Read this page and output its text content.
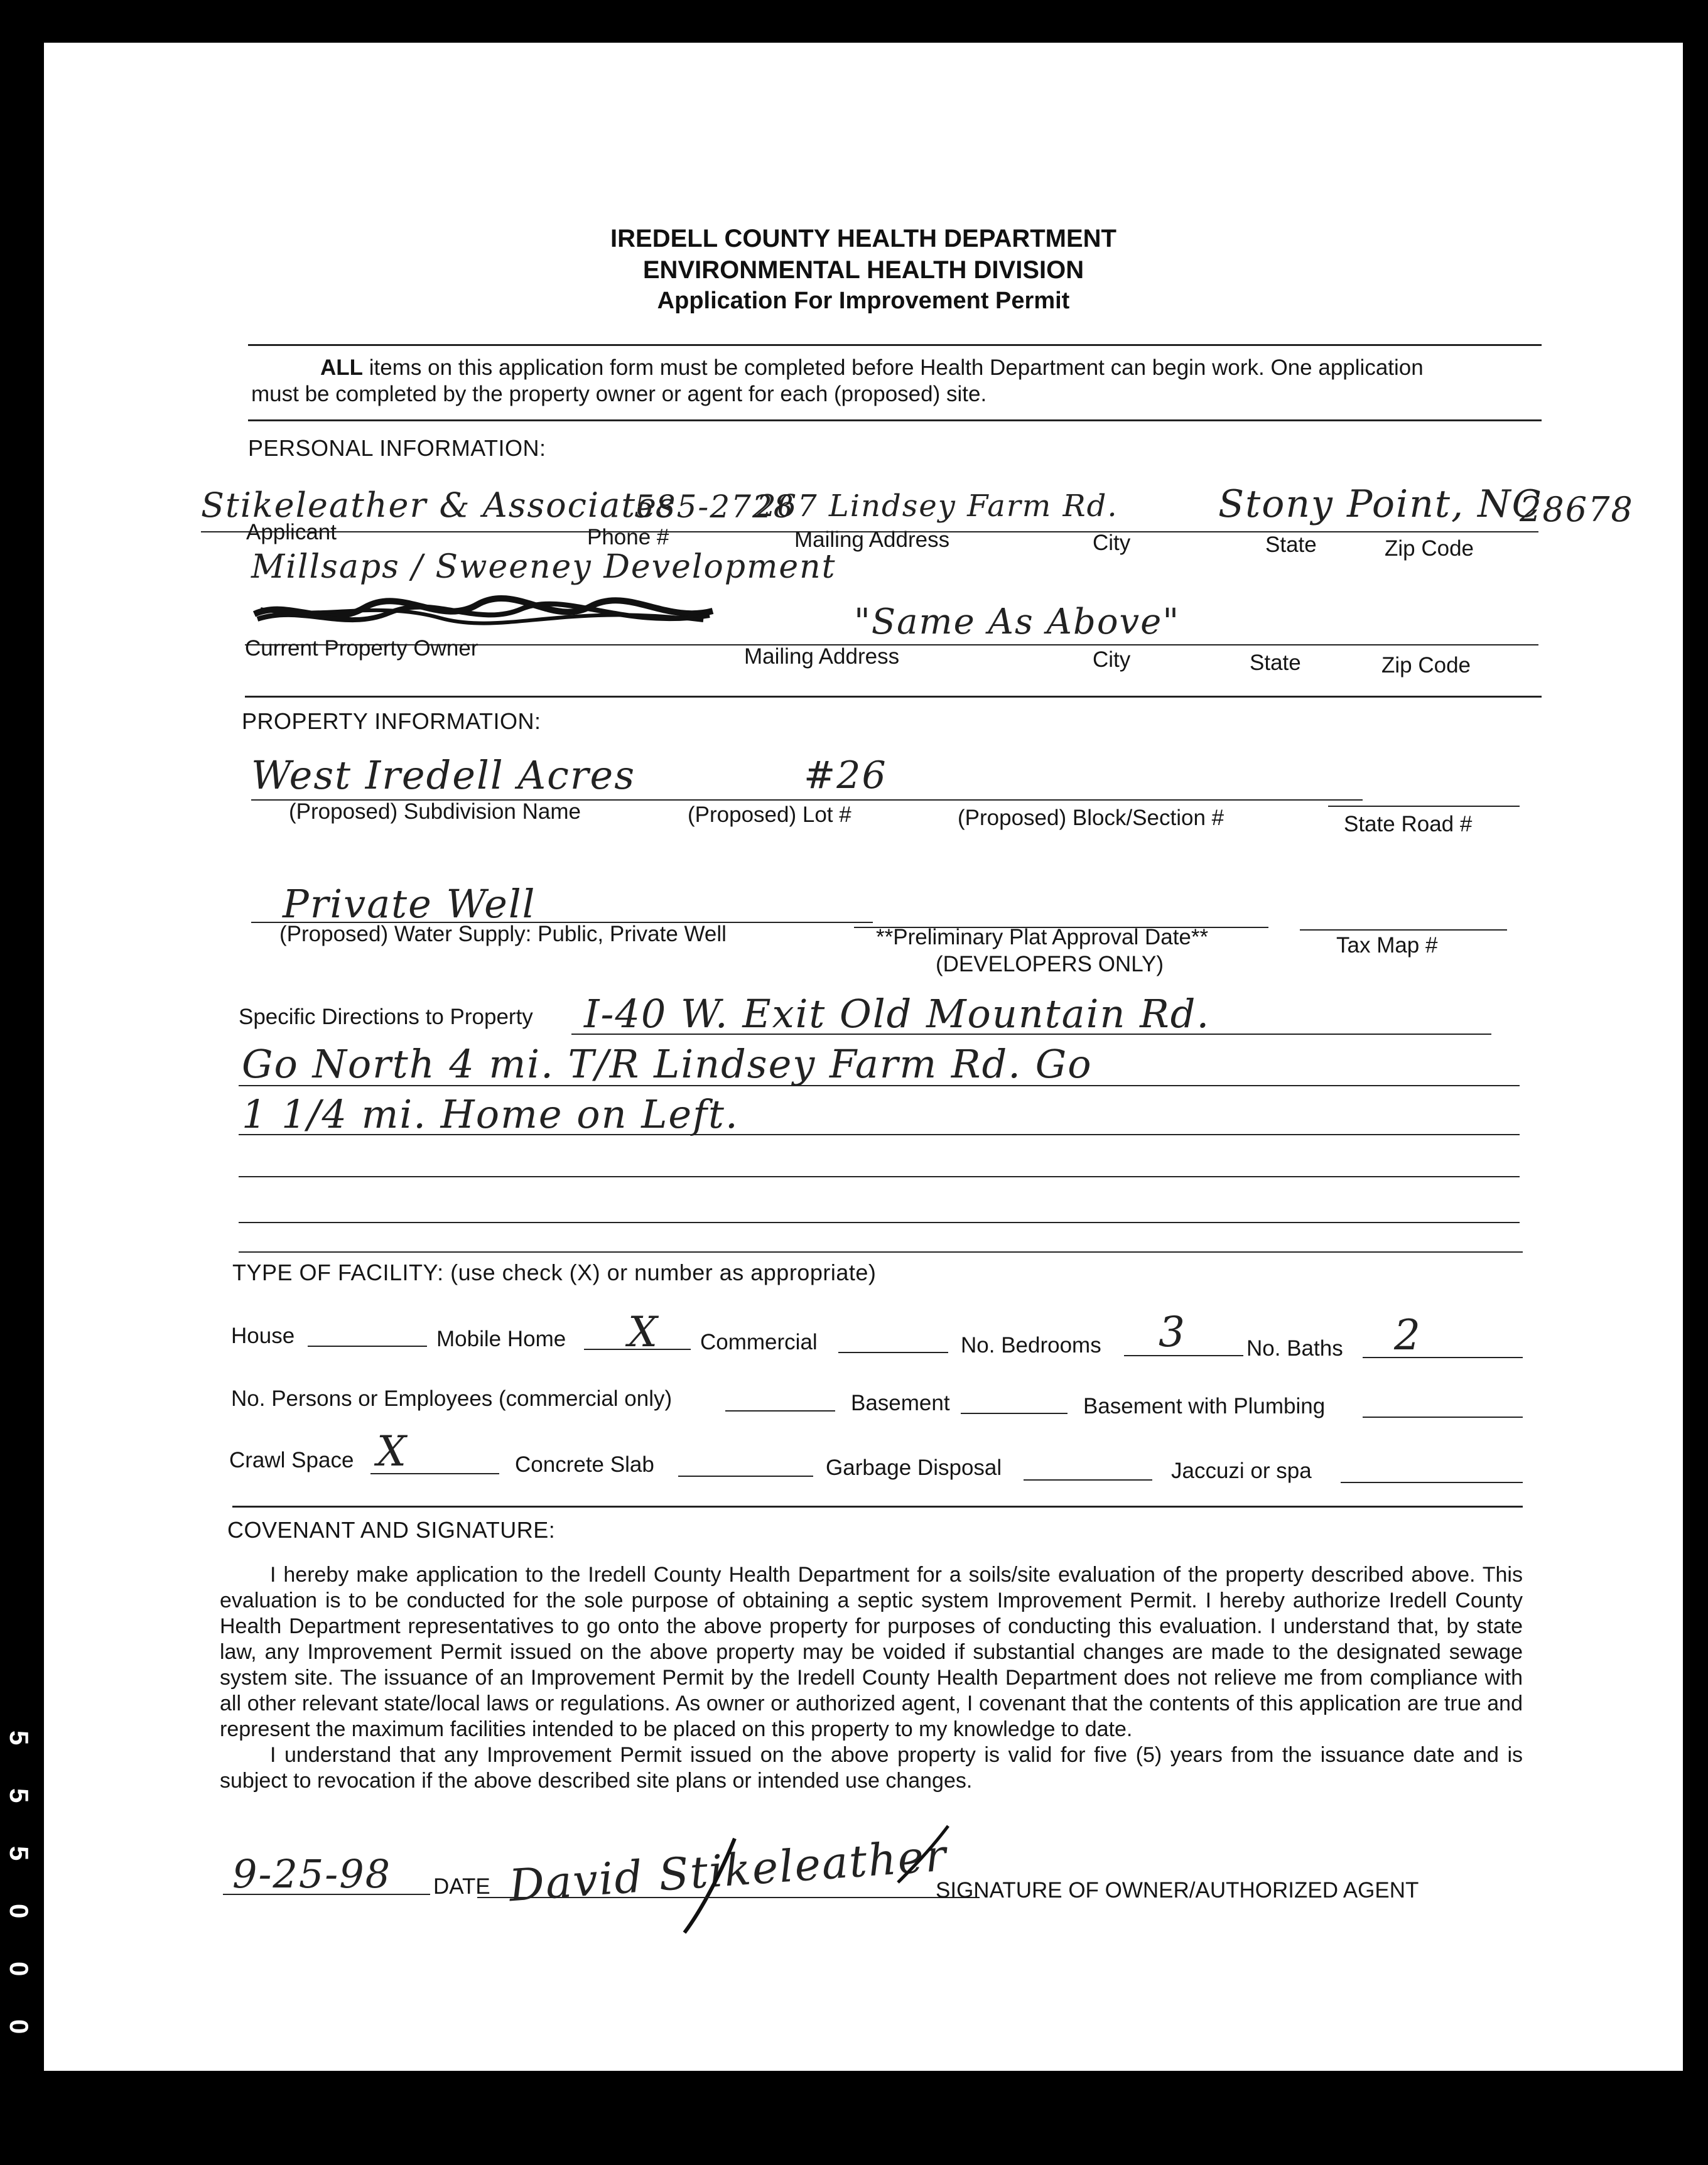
5
5
5
0
0
0
IREDELL COUNTY HEALTH DEPARTMENT
ENVIRONMENTAL HEALTH DIVISION
Application For Improvement Permit
ALL items on this application form must be completed before Health Department can begin work. One application
must be completed by the property owner or agent for each (proposed) site.
PERSONAL INFORMATION:
Stikeleather & Associates
585-2728
267 Lindsey Farm Rd.	Stony Point, NC
28678
Applicant	Phone #	Mailing Address	City	State	Zip Code
Millsaps / Sweeney Development
"Same As Above"
Current Property Owner	Mailing Address	City	State	Zip Code
PROPERTY INFORMATION:
West Iredell Acres	#26
(Proposed) Subdivision Name	(Proposed) Lot #	(Proposed) Block/Section #	State Road #
Private Well
(Proposed) Water Supply: Public, Private Well	**Preliminary Plat Approval Date**
(DEVELOPERS ONLY)
Tax Map #
Specific Directions to Property I-40 W. Exit Old Mountain Rd.
Go North 4 mi. T/R Lindsey Farm Rd. Go
1 1/4 mi. Home on Left.
TYPE OF FACILITY: (use check (X) or number as appropriate)
House	Mobile Home X Commercial	No. Bedrooms 3	No. Baths 2
No. Persons or Employees (commercial only)	Basement	Basement with Plumbing
Crawl Space X	Concrete Slab	Garbage Disposal	Jaccuzi or spa
COVENANT AND SIGNATURE:

I hereby make application to the Iredell County Health Department for a soils/site evaluation of the property described above. This evaluation is to be conducted for the sole purpose of obtaining a septic system Improvement Permit. I hereby authorize Iredell County Health Department representatives to go onto the above property for purposes of conducting this evaluation. I understand that, by state law, any Improvement Permit issued on the above property may be voided if substantial changes are made to the designated sewage system site. The issuance of an Improvement Permit by the Iredell County Health Department does not relieve me from compliance with all other relevant state/local laws or regulations. As owner or authorized agent, I covenant that the contents of this application are true and represent the maximum facilities intended to be placed on this property to my knowledge to date.

I understand that any Improvement Permit issued on the above property is valid for five (5) years from the issuance date and is subject to revocation if the above described site plans or intended use changes.

9-25-98 DATE David Stikeleather
SIGNATURE OF OWNER/AUTHORIZED AGENT
